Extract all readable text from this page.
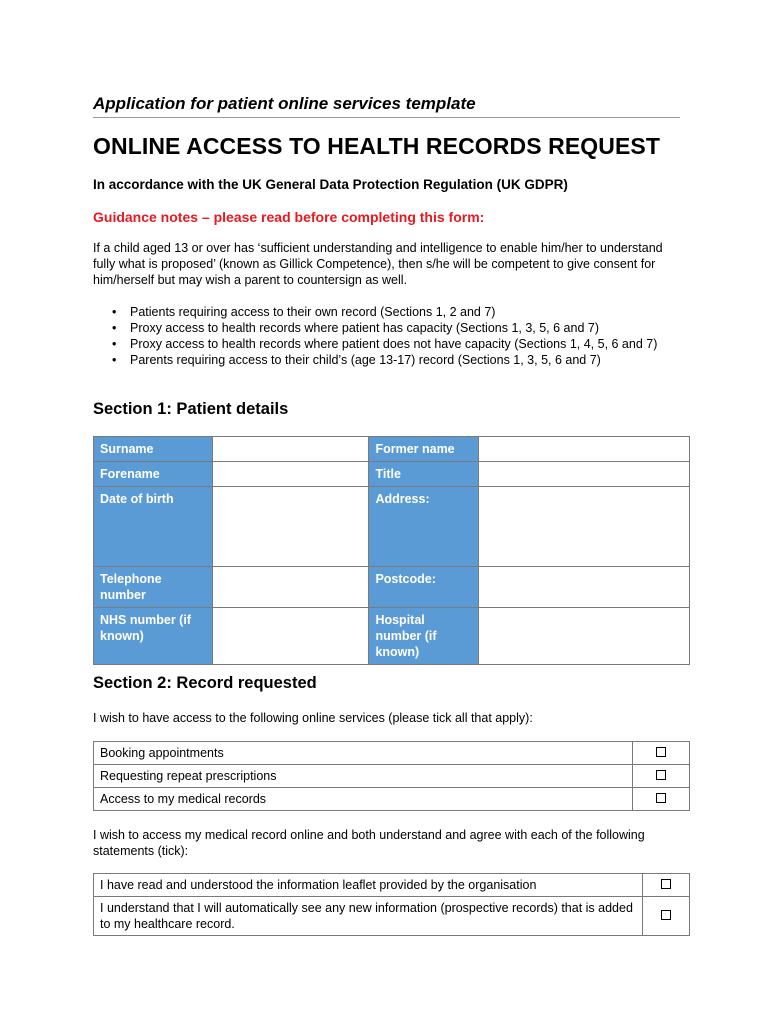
Application for patient online services template
ONLINE ACCESS TO HEALTH RECORDS REQUEST
In accordance with the UK General Data Protection Regulation (UK GDPR)
Guidance notes – please read before completing this form:
If a child aged 13 or over has ‘sufficient understanding and intelligence to enable him/her to understand fully what is proposed’ (known as Gillick Competence), then s/he will be competent to give consent for him/herself but may wish a parent to countersign as well.
• Patients requiring access to their own record (Sections 1, 2 and 7)
• Proxy access to health records where patient has capacity (Sections 1, 3, 5, 6 and 7)
• Proxy access to health records where patient does not have capacity (Sections 1, 4, 5, 6 and 7)
• Parents requiring access to their child’s (age 13-17) record (Sections 1, 3, 5, 6 and 7)
Section 1: Patient details
Surname		Former name	
Forename		Title	
Date of birth		Address:	
Telephone number		Postcode:	
NHS number (if known)		Hospital number (if known)	
Section 2: Record requested
I wish to have access to the following online services (please tick all that apply):
Booking appointments	
Requesting repeat prescriptions	
Access to my medical records	
I wish to access my medical record online and both understand and agree with each of the following statements (tick):
I have read and understood the information leaflet provided by the organisation	
I understand that I will automatically see any new information (prospective records) that is added to my healthcare record.	
